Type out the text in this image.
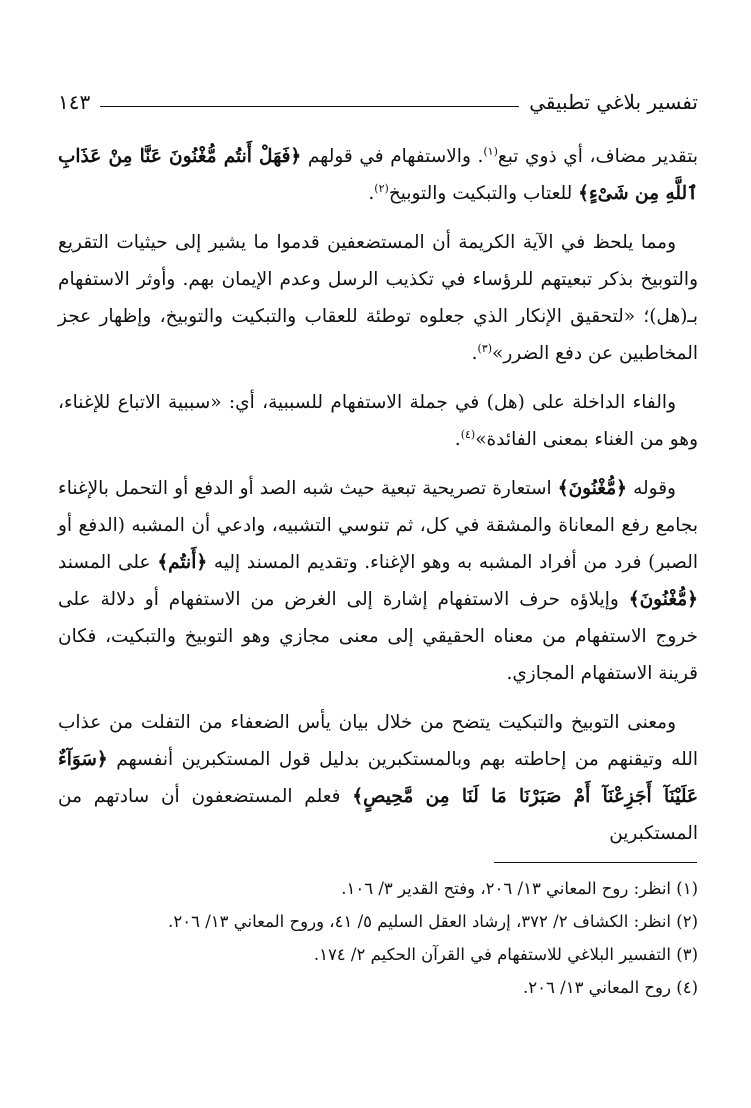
تفسير بلاغي تطبيقي
١٤٣

بتقدير مضاف، أي ذوي تبع$^{(١)}$. والاستفهام في قولهم ﴿فَهَلْ أَنتُم مُّغْنُونَ عَنَّا مِنْ عَذَابِ ٱللَّهِ مِن شَىْءٍ﴾ للعتاب والتبكيت والتوبيخ$^{(٢)}$.

ومما يلحظ في الآية الكريمة أن المستضعفين قدموا ما يشير إلى حيثيات التقريع والتوبيخ بذكر تبعيتهم للرؤساء في تكذيب الرسل وعدم الإيمان بهم. وأوثر الاستفهام بـ(هل)؛ «لتحقيق الإنكار الذي جعلوه توطئة للعقاب والتبكيت والتوبيخ، وإظهار عجز المخاطبين عن دفع الضرر»$^{(٣)}$.

والفاء الداخلة على (هل) في جملة الاستفهام للسببية، أي: «سببية الاتباع للإغناء، وهو من الغناء بمعنى الفائدة»$^{(٤)}$.

وقوله ﴿مُّغْنُونَ﴾ استعارة تصريحية تبعية حيث شبه الصد أو الدفع أو التحمل بالإغناء بجامع رفع المعاناة والمشقة في كل، ثم تنوسي التشبيه، وادعي أن المشبه (الدفع أو الصبر) فرد من أفراد المشبه به وهو الإغناء. وتقديم المسند إليه ﴿أَنتُم﴾ على المسند ﴿مُّغْنُونَ﴾ وإيلاؤه حرف الاستفهام إشارة إلى الغرض من الاستفهام أو دلالة على خروج الاستفهام من معناه الحقيقي إلى معنى مجازي وهو التوبيخ والتبكيت، فكان قرينة الاستفهام المجازي.

ومعنى التوبيخ والتبكيت يتضح من خلال بيان يأس الضعفاء من التفلت من عذاب الله وتيقنهم من إحاطته بهم وبالمستكبرين بدليل قول المستكبرين أنفسهم ﴿سَوَآءٌ عَلَيْنَآ أَجَزِعْنَآ أَمْ صَبَرْنَا مَا لَنَا مِن مَّحِيصٍ﴾ فعلم المستضعفون أن سادتهم من المستكبرين

(١) انظر: روح المعاني ١٣/ ٢٠٦، وفتح القدير ٣/ ١٠٦.
(٢) انظر: الكشاف ٢/ ٣٧٢، إرشاد العقل السليم ٥/ ٤١، وروح المعاني ١٣/ ٢٠٦.
(٣) التفسير البلاغي للاستفهام في القرآن الحكيم ٢/ ١٧٤.
(٤) روح المعاني ١٣/ ٢٠٦.
